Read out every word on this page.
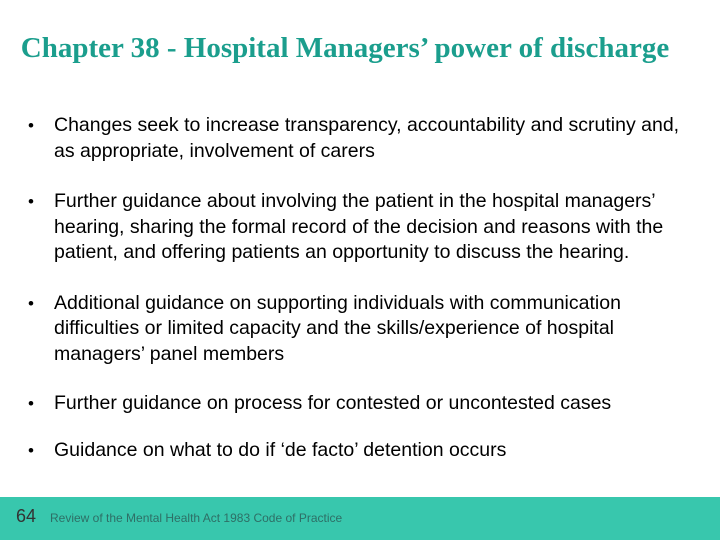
Chapter 38 - Hospital Managers’ power of discharge
• Changes seek to increase transparency, accountability and scrutiny and, as appropriate, involvement of carers
• Further guidance about involving the patient in the hospital managers’ hearing, sharing the formal record of the decision and reasons with the patient, and offering patients an opportunity to discuss the hearing.
• Additional guidance on supporting individuals with communication difficulties or limited capacity and the skills/experience of hospital managers’ panel members
• Further guidance on process for contested or uncontested cases
• Guidance on what to do if ‘de facto’ detention occurs
64 Review of the Mental Health Act 1983 Code of Practice
